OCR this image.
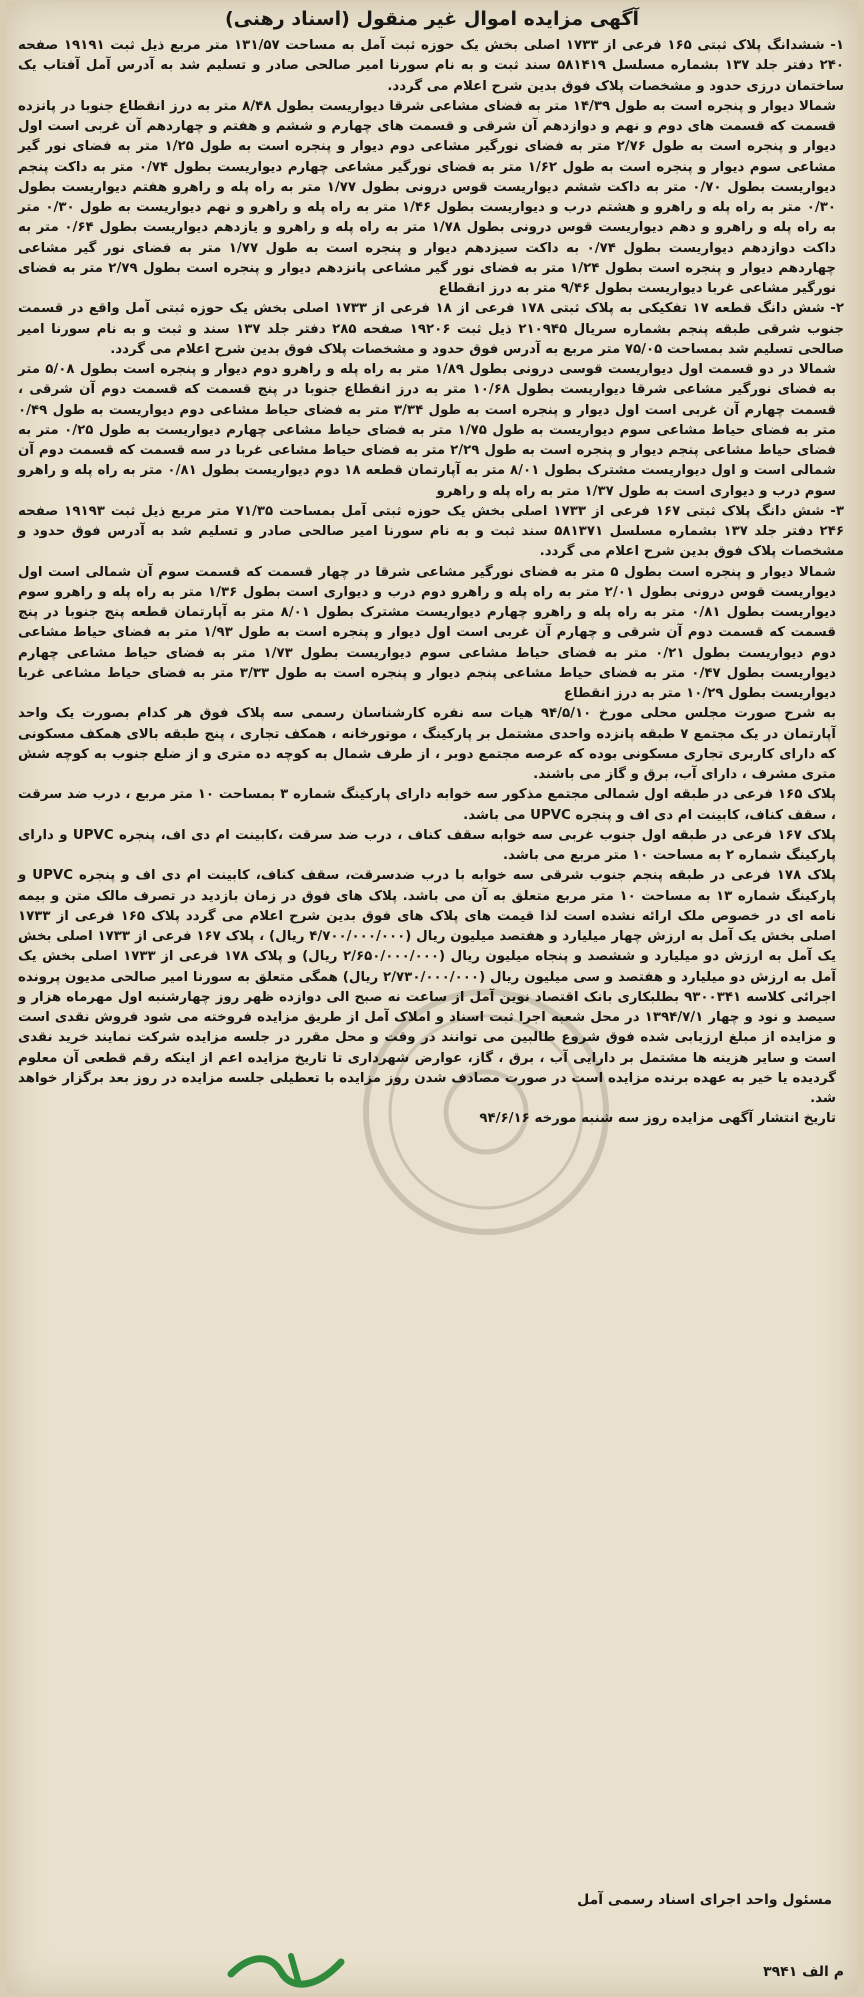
آگهی مزایده اموال غیر منقول (اسناد رهنی)

۱- ششدانگ پلاک ثبتی ۱۶۵ فرعی از ۱۷۳۳ اصلی بخش یک حوزه ثبت آمل به مساحت ۱۳۱/۵۷ متر مربع ذیل ثبت ۱۹۱۹۱ صفحه ۲۴۰ دفتر جلد ۱۳۷ بشماره مسلسل ۵۸۱۴۱۹ سند ثبت و به نام سورنا امیر صالحی صادر و تسلیم شد به آدرس آمل آفتاب یک ساختمان درزی حدود و مشخصات پلاک فوق بدین شرح اعلام می گردد.

شمالا دیوار و پنجره است به طول ۱۴/۳۹ متر به فضای مشاعی شرقا دیواریست بطول ۸/۴۸ متر به درز انقطاع جنوبا در پانزده قسمت که قسمت های دوم و نهم و دوازدهم آن شرقی و قسمت های چهارم و ششم و هفتم و چهاردهم آن غربی است اول دیوار و پنجره است به طول ۲/۷۶ متر به فضای نورگیر مشاعی دوم دیوار و پنجره است به طول ۱/۲۵ متر به فضای نور گیر مشاعی سوم دیوار و پنجره است به طول ۱/۶۲ متر به فضای نورگیر مشاعی چهارم دیواریست بطول ۰/۷۴ متر به داکت پنجم دیواریست بطول ۰/۷۰ متر به داکت ششم دیواریست قوس درونی بطول ۱/۷۷ متر به راه پله و راهرو هفتم دیواریست بطول ۰/۳۰ متر به راه پله و راهرو و هشتم درب و دیواریست بطول ۱/۴۶ متر به راه پله و راهرو و نهم دیواریست به طول ۰/۳۰ متر به راه پله و راهرو و دهم دیواریست قوس درونی بطول ۱/۷۸ متر به راه پله و راهرو و یازدهم دیواریست بطول ۰/۶۴ متر به داکت دوازدهم دیواریست بطول ۰/۷۴ به داکت سیزدهم دیوار و پنجره است به طول ۱/۷۷ متر به فضای نور گیر مشاعی چهاردهم دیوار و پنجره است بطول ۱/۲۴ متر به فضای نور گیر مشاعی پانزدهم دیوار و پنجره است بطول ۲/۷۹ متر به فضای نورگیر مشاعی غربا دیواریست بطول ۹/۴۶ متر به درز انقطاع

۲- شش دانگ قطعه ۱۷ تفکیکی به پلاک ثبتی ۱۷۸ فرعی از ۱۸ فرعی از ۱۷۳۳ اصلی بخش یک حوزه ثبتی آمل واقع در قسمت جنوب شرقی طبقه پنجم بشماره سریال ۲۱۰۹۴۵ ذیل ثبت ۱۹۲۰۶ صفحه ۲۸۵ دفتر جلد ۱۳۷ سند و ثبت و به نام سورنا امیر صالحی تسلیم شد بمساحت ۷۵/۰۵ متر مربع به آدرس فوق حدود و مشخصات پلاک فوق بدین شرح اعلام می گردد.

شمالا در دو قسمت اول دیواریست قوسی درونی بطول ۱/۸۹ متر به راه پله و راهرو دوم دیوار و پنجره است بطول ۵/۰۸ متر به فضای نورگیر مشاعی شرقا دیواریست بطول ۱۰/۶۸ متر به درز انقطاع جنوبا در پنج قسمت که قسمت دوم آن شرقی ، قسمت چهارم آن غربی است اول دیوار و پنجره است به طول ۳/۳۴ متر به فضای حیاط مشاعی دوم دیواریست به طول ۰/۴۹ متر به فضای حیاط مشاعی سوم دیواریست به طول ۱/۷۵ متر به فضای حیاط مشاعی چهارم دیواریست به طول ۰/۲۵ متر به فضای حیاط مشاعی پنجم دیوار و پنجره است به طول ۲/۲۹ متر به فضای حیاط مشاعی غربا در سه قسمت که قسمت دوم آن شمالی است و اول دیواریست مشترک بطول ۸/۰۱ متر به آپارتمان قطعه ۱۸ دوم دیواریست بطول ۰/۸۱ متر به راه پله و راهرو سوم درب و دیواری است به طول ۱/۳۷ متر به راه پله و راهرو

۳- شش دانگ پلاک ثبتی ۱۶۷ فرعی از ۱۷۳۳ اصلی بخش یک حوزه ثبتی آمل بمساحت ۷۱/۳۵ متر مربع ذیل ثبت ۱۹۱۹۳ صفحه ۲۴۶ دفتر جلد ۱۳۷ بشماره مسلسل ۵۸۱۳۷۱ سند ثبت و به نام سورنا امیر صالحی صادر و تسلیم شد به آدرس فوق حدود و مشخصات پلاک فوق بدین شرح اعلام می گردد.

شمالا دیوار و پنجره است بطول ۵ متر به فضای نورگیر مشاعی شرقا در چهار قسمت که قسمت سوم آن شمالی است اول دیواریست قوس درونی بطول ۲/۰۱ متر به راه پله و راهرو دوم درب و دیواری است بطول ۱/۳۶ متر به راه پله و راهرو سوم دیواریست بطول ۰/۸۱ متر به راه پله و راهرو چهارم دیواریست مشترک بطول ۸/۰۱ متر به آپارتمان قطعه پنج جنوبا در پنج قسمت که قسمت دوم آن شرقی و چهارم آن غربی است اول دیوار و پنجره است به طول ۱/۹۳ متر به فضای حیاط مشاعی دوم دیواریست بطول ۰/۲۱ متر به فضای حیاط مشاعی سوم دیواریست بطول ۱/۷۳ متر به فضای حیاط مشاعی چهارم دیواریست بطول ۰/۴۷ متر به فضای حیاط مشاعی پنجم دیوار و پنجره است به طول ۳/۳۳ متر به فضای حیاط مشاعی غربا دیواریست بطول ۱۰/۲۹ متر به درز انقطاع

به شرح صورت مجلس محلی مورخ ۹۴/۵/۱۰ هیات سه نفره کارشناسان رسمی سه پلاک فوق هر کدام بصورت یک واحد آپارتمان در یک مجتمع ۷ طبقه پانزده واحدی مشتمل بر پارکینگ ، موتورخانه ، همکف تجاری ، پنج طبقه بالای همکف مسکونی که دارای کاربری تجاری مسکونی بوده که عرصه مجتمع دوبر ، از طرف شمال به کوچه ده متری و از ضلع جنوب به کوچه شش متری مشرف ، دارای آب، برق و گاز می باشند.

پلاک ۱۶۵ فرعی در طبقه اول شمالی مجتمع مذکور سه خوابه دارای پارکینگ شماره ۳ بمساحت ۱۰ متر مربع ، درب ضد سرقت ، سقف کناف، کابینت ام دی اف و پنجره UPVC می باشد.

پلاک ۱۶۷ فرعی در طبقه اول جنوب غربی سه خوابه سقف کناف ، درب ضد سرقت ،کابینت ام دی اف، پنجره UPVC و دارای پارکینگ شماره ۲ به مساحت ۱۰ متر مربع می باشد.

پلاک ۱۷۸ فرعی در طبقه پنجم جنوب شرقی سه خوابه با درب ضدسرقت، سقف کناف، کابینت ام دی اف و پنجره UPVC و پارکینگ شماره ۱۳ به مساحت ۱۰ متر مربع متعلق به آن می باشد. پلاک های فوق در زمان بازدید در تصرف مالک متن و بیمه نامه ای در خصوص ملک ارائه نشده است لذا قیمت های پلاک های فوق بدین شرح اعلام می گردد پلاک ۱۶۵ فرعی از ۱۷۳۳ اصلی بخش یک آمل به ارزش چهار میلیارد و هفتصد میلیون ریال (۴/۷۰۰/۰۰۰/۰۰۰ ریال) ، پلاک ۱۶۷ فرعی از ۱۷۳۳ اصلی بخش یک آمل به ارزش دو میلیارد و ششصد و پنجاه میلیون ریال (۲/۶۵۰/۰۰۰/۰۰۰ ریال) و پلاک ۱۷۸ فرعی از ۱۷۳۳ اصلی بخش یک آمل به ارزش دو میلیارد و هفتصد و سی میلیون ریال (۲/۷۳۰/۰۰۰/۰۰۰ ریال) همگی متعلق به سورنا امیر صالحی مدیون پرونده اجرائی کلاسه ۹۳۰۰۳۴۱ بطلبکاری بانک اقتصاد نوین آمل از ساعت نه صبح الی دوازده ظهر روز چهارشنبه اول مهرماه هزار و سیصد و نود و چهار ۱۳۹۴/۷/۱ در محل شعبه اجرا ثبت اسناد و املاک آمل از طریق مزایده فروخته می شود فروش نقدی است و مزایده از مبلغ ارزیابی شده فوق شروع طالبین می توانند در وقت و محل مقرر در جلسه مزایده شرکت نمایند خرید نقدی است و سایر هزینه ها مشتمل بر دارایی آب ، برق ، گاز، عوارض شهرداری تا تاریخ مزایده اعم از اینکه رقم قطعی آن معلوم گردیده یا خیر به عهده برنده مزایده است در صورت مصادف شدن روز مزایده با تعطیلی جلسه مزایده در روز بعد برگزار خواهد شد.

تاریخ انتشار آگهی مزایده روز سه شنبه مورخه ۹۴/۶/۱۶

مسئول واحد اجرای اسناد رسمی آمل
م الف ۳۹۴۱
